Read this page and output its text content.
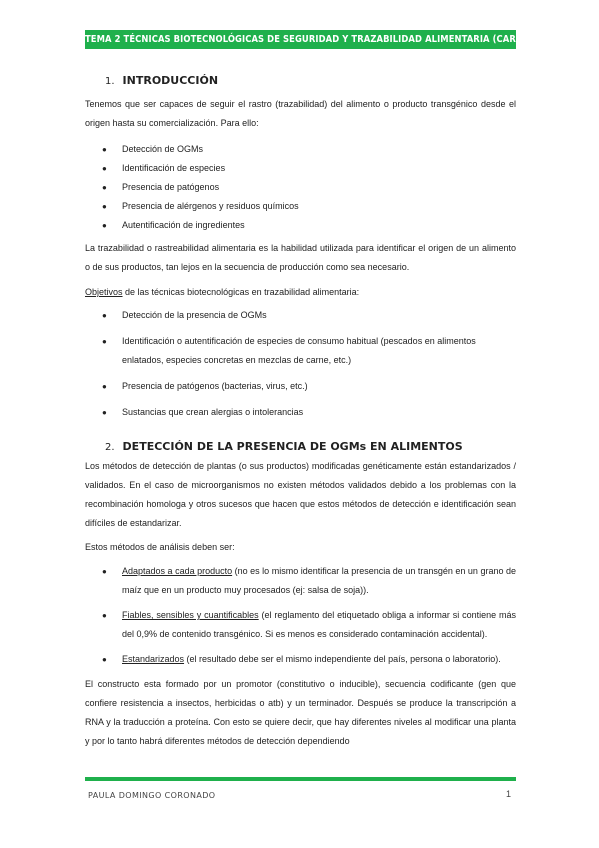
TEMA 2 TÉCNICAS BIOTECNOLÓGICAS DE SEGURIDAD Y TRAZABILIDAD ALIMENTARIA (CARMELO)

1. INTRODUCCIÓN

Tenemos que ser capaces de seguir el rastro (trazabilidad) del alimento o producto transgénico desde el origen hasta su comercialización. Para ello:

● Detección de OGMs
● Identificación de especies
● Presencia de patógenos
● Presencia de alérgenos y residuos químicos
● Autentificación de ingredientes

La trazabilidad o rastreabilidad alimentaria es la habilidad utilizada para identificar el origen de un alimento o de sus productos, tan lejos en la secuencia de producción como sea necesario.

Objetivos de las técnicas biotecnológicas en trazabilidad alimentaria:

● Detección de la presencia de OGMs
● Identificación o autentificación de especies de consumo habitual (pescados en alimentos enlatados, especies concretas en mezclas de carne, etc.)
● Presencia de patógenos (bacterias, virus, etc.)
● Sustancias que crean alergias o intolerancias

2. DETECCIÓN DE LA PRESENCIA DE OGMs EN ALIMENTOS

Los métodos de detección de plantas (o sus productos) modificadas genéticamente están estandarizados / validados. En el caso de microorganismos no existen métodos validados debido a los problemas con la recombinación homologa y otros sucesos que hacen que estos métodos de detección e identificación sean difíciles de estandarizar.

Estos métodos de análisis deben ser:

● Adaptados a cada producto (no es lo mismo identificar la presencia de un transgén en un grano de maíz que en un producto muy procesados (ej: salsa de soja)).
● Fiables, sensibles y cuantificables (el reglamento del etiquetado obliga a informar si contiene más del 0,9% de contenido transgénico. Si es menos es considerado contaminación accidental).
● Estandarizados (el resultado debe ser el mismo independiente del país, persona o laboratorio).

El constructo esta formado por un promotor (constitutivo o inducible), secuencia codificante (gen que confiere resistencia a insectos, herbicidas o atb) y un terminador. Después se produce la transcripción a RNA y la traducción a proteína. Con esto se quiere decir, que hay diferentes niveles al modificar una planta y por lo tanto habrá diferentes métodos de detección dependiendo

PAULA DOMINGO CORONADO	1
